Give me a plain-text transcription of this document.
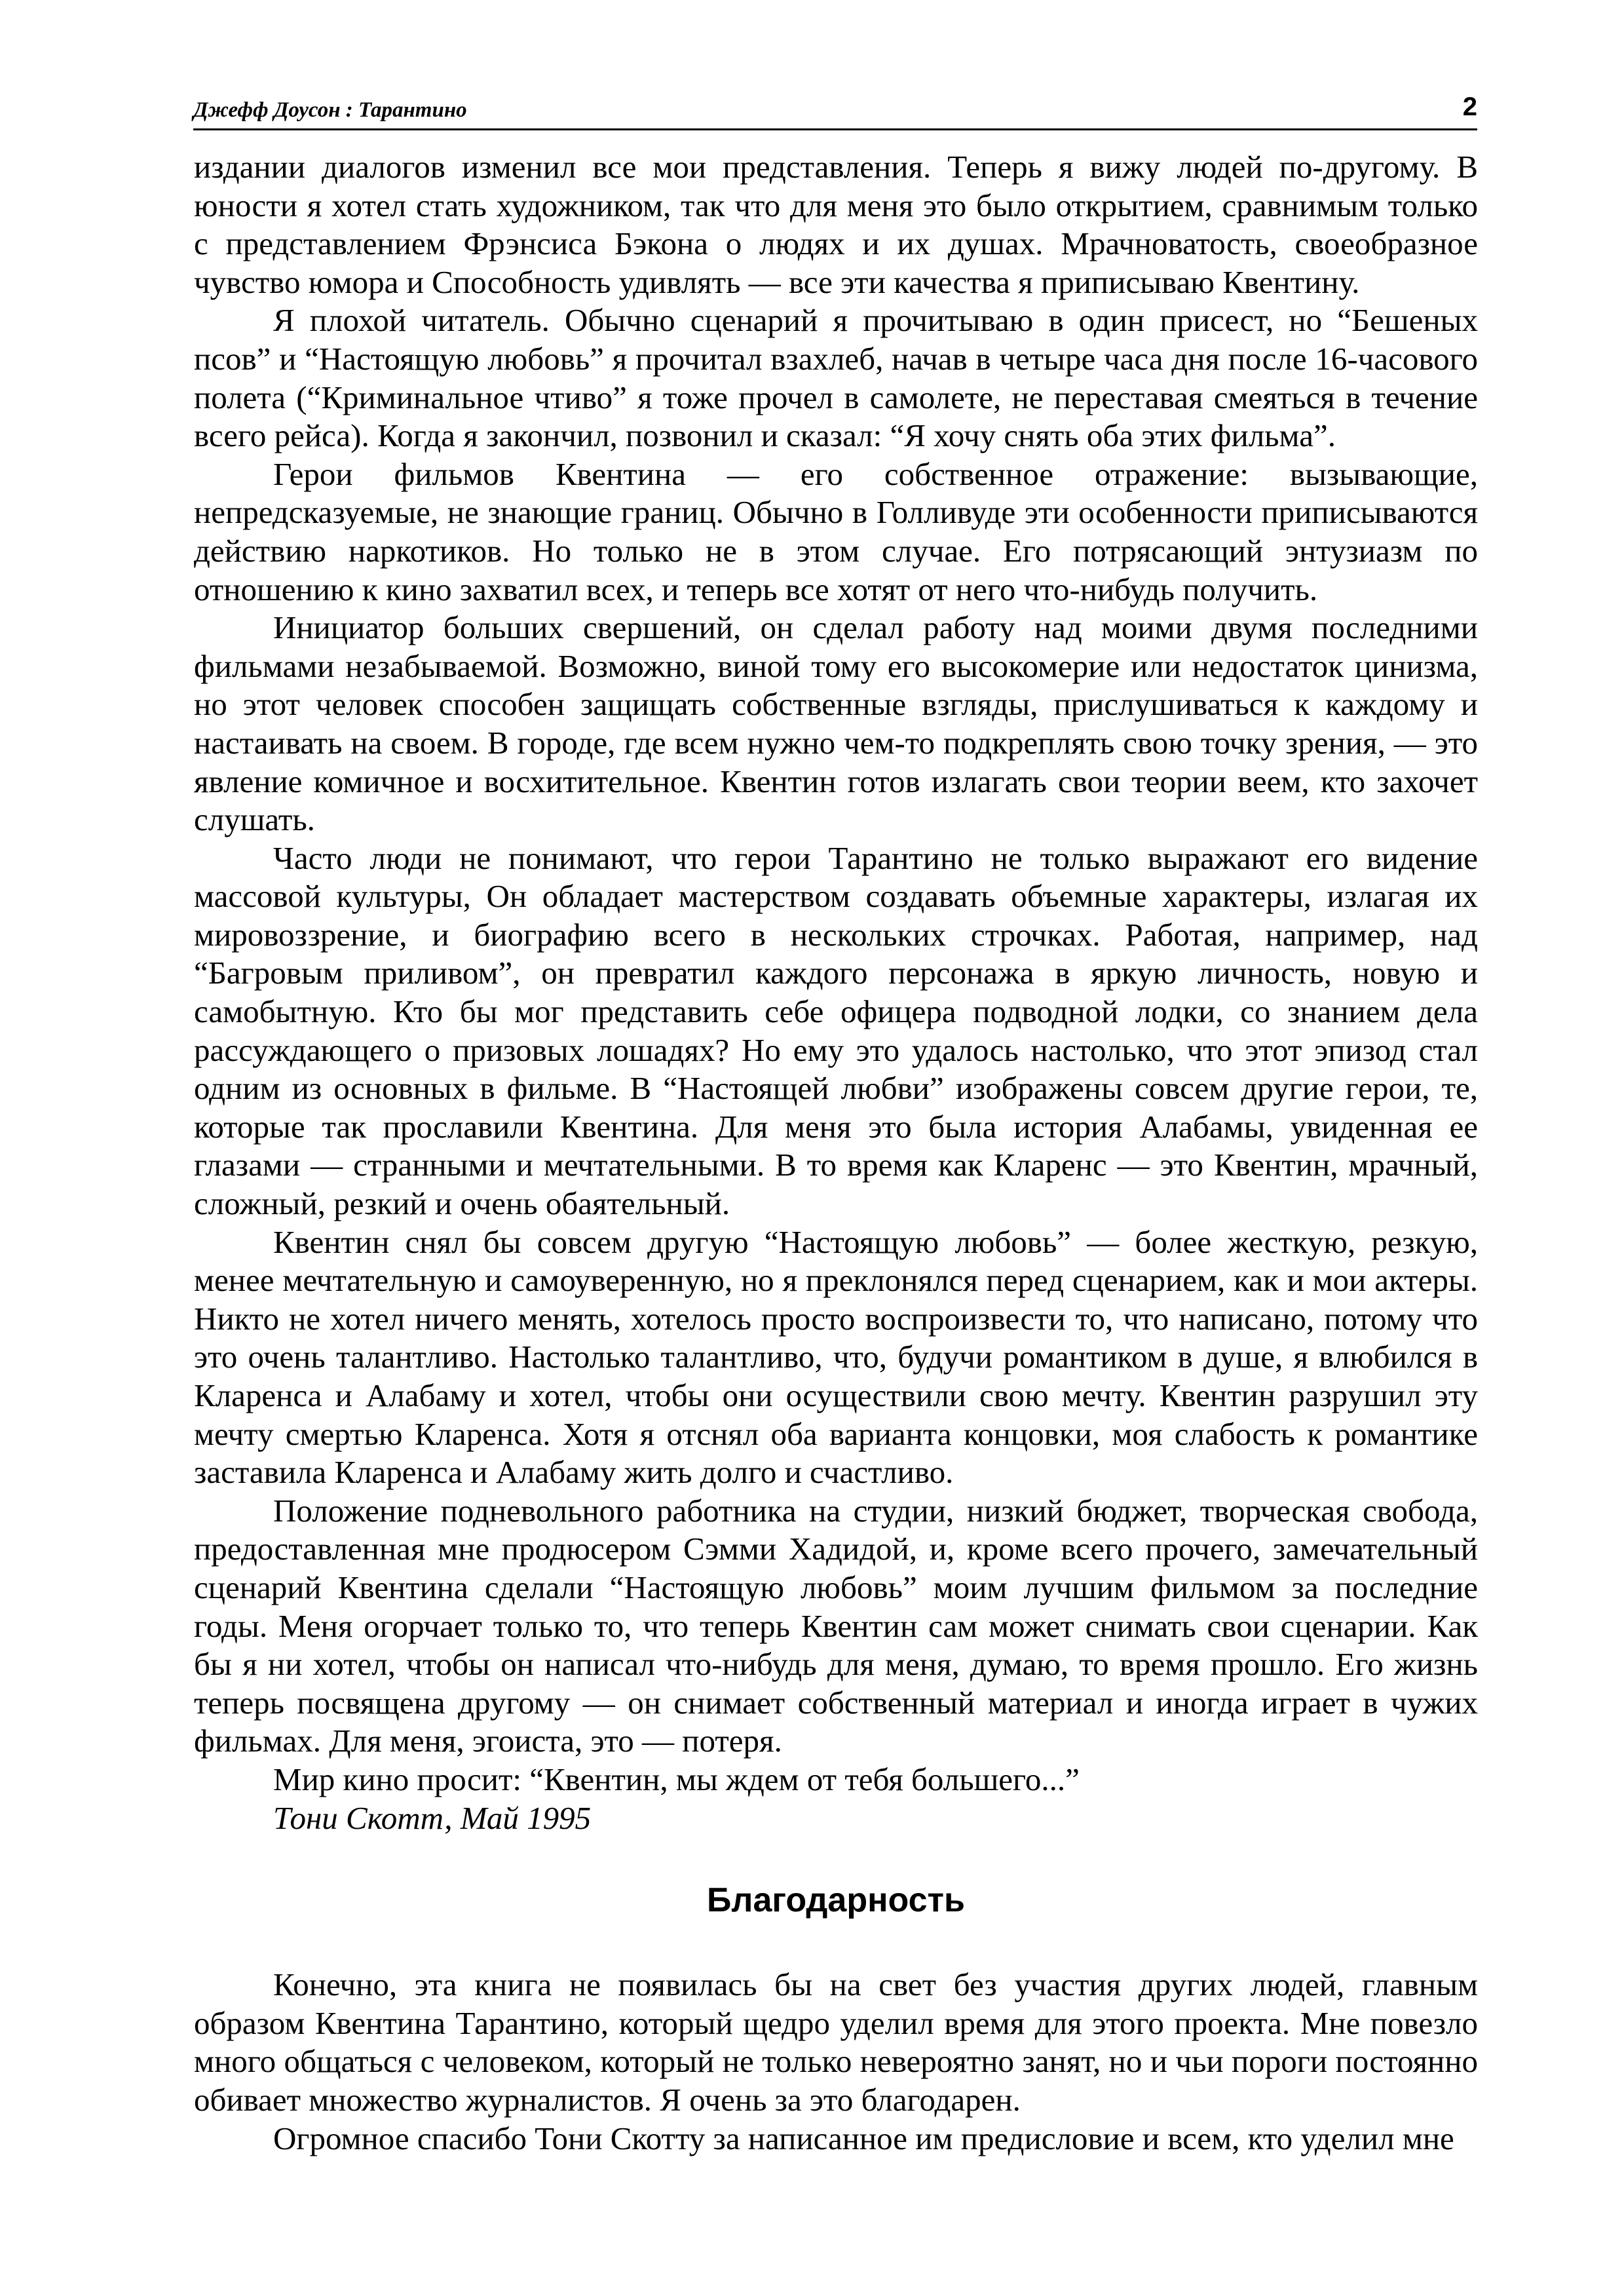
Джефф Доусон : Тарантино	2

издании диалогов изменил все мои представления. Теперь я вижу людей по-другому. В юности я хотел стать художником, так что для меня это было открытием, сравнимым только с представлением Фрэнсиса Бэкона о людях и их душах. Мрачноватость, своеобразное чувство юмора и Способность удивлять — все эти качества я приписываю Квентину.

Я плохой читатель. Обычно сценарий я прочитываю в один присест, но “Бешеных псов” и “Настоящую любовь” я прочитал взахлеб, начав в четыре часа дня после 16-часового полета (“Криминальное чтиво” я тоже прочел в самолете, не переставая смеяться в течение всего рейса). Когда я закончил, позвонил и сказал: “Я хочу снять оба этих фильма”.

Герои фильмов Квентина — его собственное отражение: вызывающие, непредсказуемые, не знающие границ. Обычно в Голливуде эти особенности приписываются действию наркотиков. Но только не в этом случае. Его потрясающий энтузиазм по отношению к кино захватил всех, и теперь все хотят от него что-нибудь получить.

Инициатор больших свершений, он сделал работу над моими двумя последними фильмами незабываемой. Возможно, виной тому его высокомерие или недостаток цинизма, но этот человек способен защищать собственные взгляды, прислушиваться к каждому и настаивать на своем. В городе, где всем нужно чем-то подкреплять свою точку зрения, — это явление комичное и восхитительное. Квентин готов излагать свои теории веем, кто захочет слушать.

Часто люди не понимают, что герои Тарантино не только выражают его видение массовой культуры, Он обладает мастерством создавать объемные характеры, излагая их мировоззрение, и биографию всего в нескольких строчках. Работая, например, над “Багровым приливом”, он превратил каждого персонажа в яркую личность, новую и самобытную. Кто бы мог представить себе офицера подводной лодки, со знанием дела рассуждающего о призовых лошадях? Но ему это удалось настолько, что этот эпизод стал одним из основных в фильме. В “Настоящей любви” изображены совсем другие герои, те, которые так прославили Квентина. Для меня это была история Алабамы, увиденная ее глазами — странными и мечтательными. В то время как Кларенс — это Квентин, мрачный, сложный, резкий и очень обаятельный.

Квентин снял бы совсем другую “Настоящую любовь” — более жесткую, резкую, менее мечтательную и самоуверенную, но я преклонялся перед сценарием, как и мои актеры. Никто не хотел ничего менять, хотелось просто воспроизвести то, что написано, потому что это очень талантливо. Настолько талантливо, что, будучи романтиком в душе, я влюбился в Кларенса и Алабаму и хотел, чтобы они осуществили свою мечту. Квентин разрушил эту мечту смертью Кларенса. Хотя я отснял оба варианта концовки, моя слабость к романтике заставила Кларенса и Алабаму жить долго и счастливо.

Положение подневольного работника на студии, низкий бюджет, творческая свобода, предоставленная мне продюсером Сэмми Хадидой, и, кроме всего прочего, замечательный сценарий Квентина сделали “Настоящую любовь” моим лучшим фильмом за последние годы. Меня огорчает только то, что теперь Квентин сам может снимать свои сценарии. Как бы я ни хотел, чтобы он написал что-нибудь для меня, думаю, то время прошло. Его жизнь теперь посвящена другому — он снимает собственный материал и иногда играет в чужих фильмах. Для меня, эгоиста, это — потеря.

Мир кино просит: “Квентин, мы ждем от тебя большего...”

Тони Скотт, Май 1995

Благодарность

Конечно, эта книга не появилась бы на свет без участия других людей, главным образом Квентина Тарантино, который щедро уделил время для этого проекта. Мне повезло много общаться с человеком, который не только невероятно занят, но и чьи пороги постоянно обивает множество журналистов. Я очень за это благодарен.

Огромное спасибо Тони Скотту за написанное им предисловие и всем, кто уделил мне
